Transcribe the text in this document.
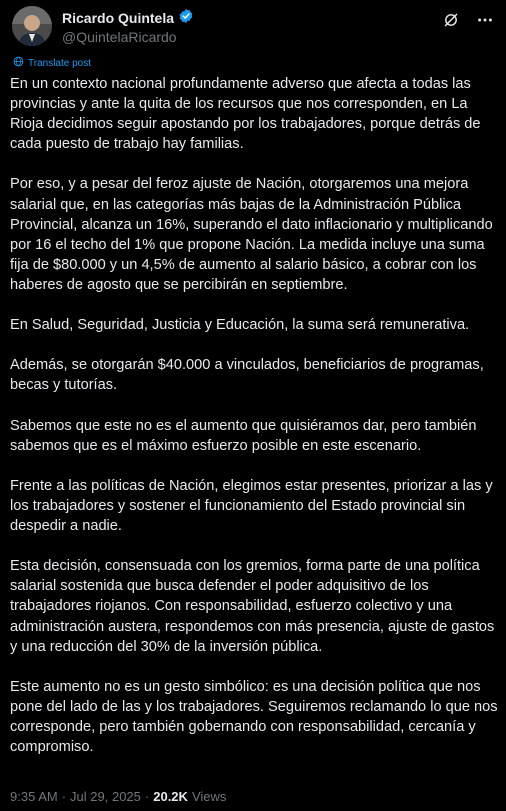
Ricardo Quintela
@QuintelaRicardo
Translate post

En un contexto nacional profundamente adverso que afecta a todas las provincias y ante la quita de los recursos que nos corresponden, en La Rioja decidimos seguir apostando por los trabajadores, porque detrás de cada puesto de trabajo hay familias.

Por eso, y a pesar del feroz ajuste de Nación, otorgaremos una mejora salarial que, en las categorías más bajas de la Administración Pública Provincial, alcanza un 16%, superando el dato inflacionario y multiplicando por 16 el techo del 1% que propone Nación. La medida incluye una suma fija de $80.000 y un 4,5% de aumento al salario básico, a cobrar con los haberes de agosto que se percibirán en septiembre.

En Salud, Seguridad, Justicia y Educación, la suma será remunerativa.

Además, se otorgarán $40.000 a vinculados, beneficiarios de programas, becas y tutorías.

Sabemos que este no es el aumento que quisiéramos dar, pero también sabemos que es el máximo esfuerzo posible en este escenario.

Frente a las políticas de Nación, elegimos estar presentes, priorizar a las y los trabajadores y sostener el funcionamiento del Estado provincial sin despedir a nadie.

Esta decisión, consensuada con los gremios, forma parte de una política salarial sostenida que busca defender el poder adquisitivo de los trabajadores riojanos. Con responsabilidad, esfuerzo colectivo y una administración austera, respondemos con más presencia, ajuste de gastos y una reducción del 30% de la inversión pública.

Este aumento no es un gesto simbólico: es una decisión política que nos pone del lado de las y los trabajadores. Seguiremos reclamando lo que nos corresponde, pero también gobernando con responsabilidad, cercanía y compromiso.

9:35 AM · Jul 29, 2025 · 20.2K Views
